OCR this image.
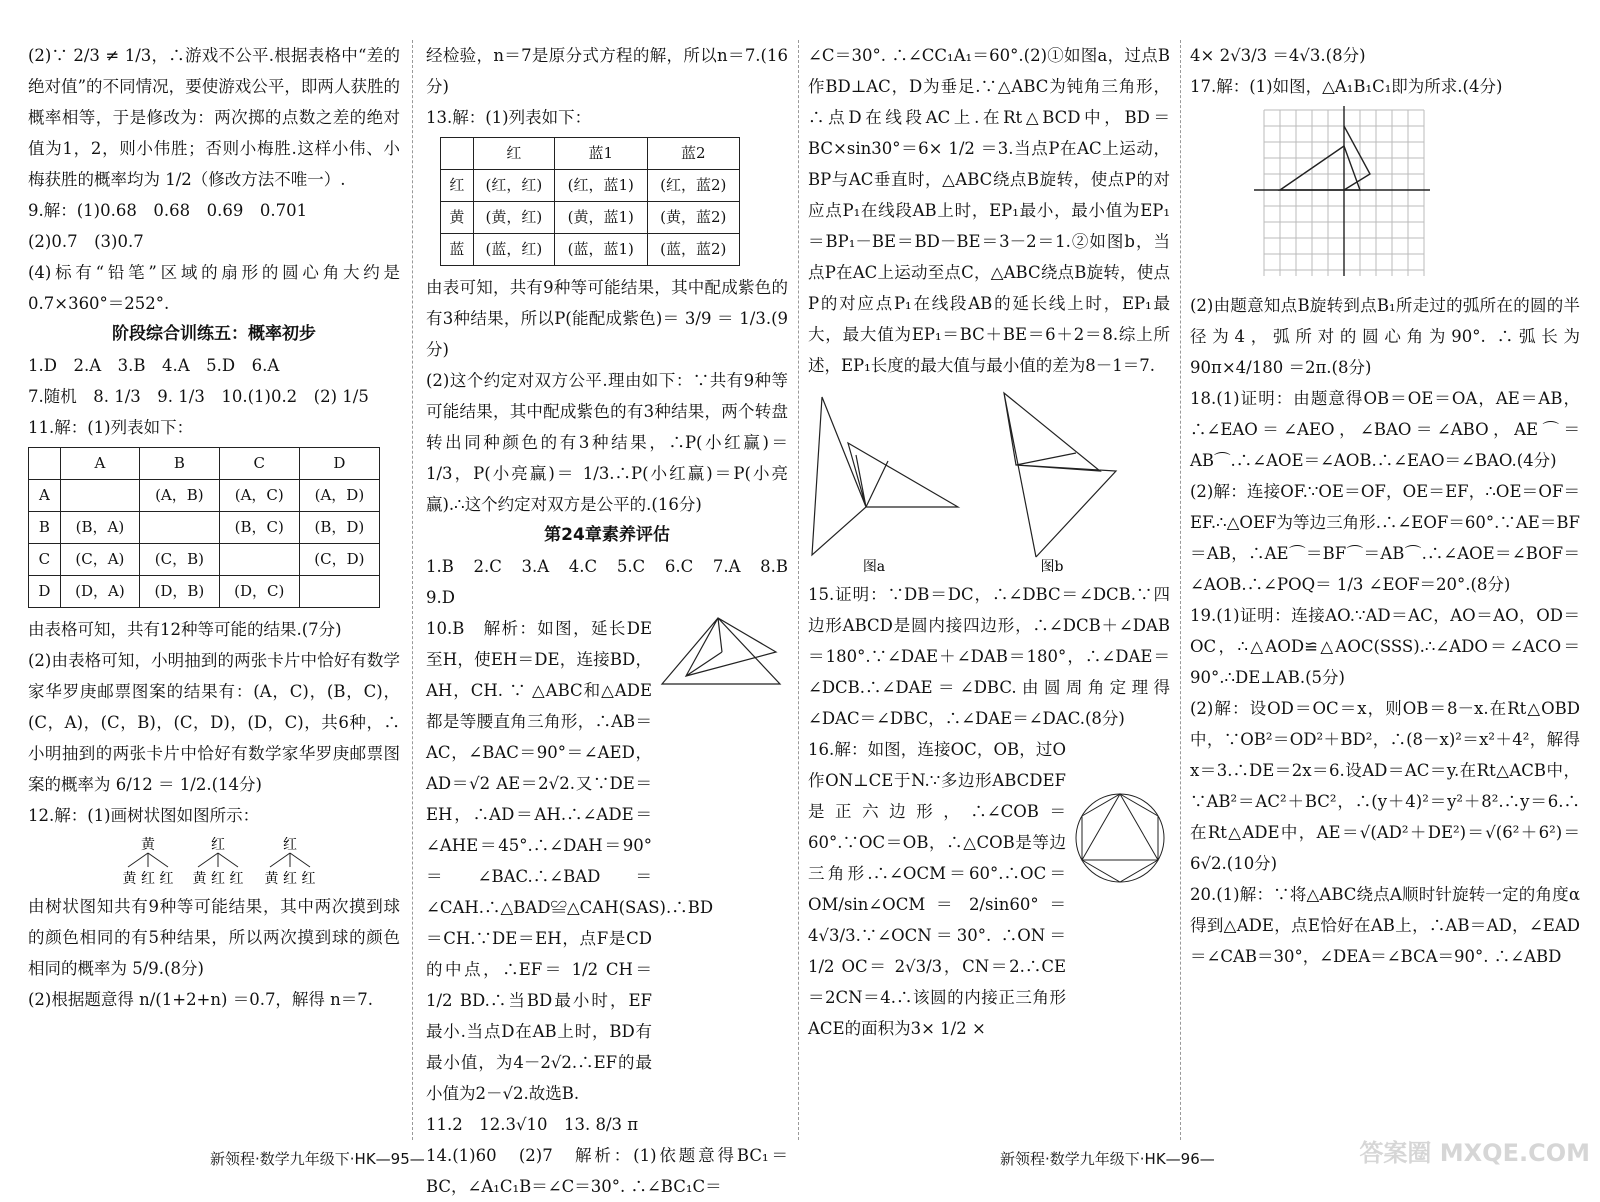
(2)∵ 2/3 ≠ 1/3，∴游戏不公平.根据表格中“差的绝对值”的不同情况，要使游戏公平，即两人获胜的概率相等，于是修改为：两次掷的点数之差的绝对值为1，2，则小伟胜；否则小梅胜.这样小伟、小梅获胜的概率均为 1/2（修改方法不唯一）.

9.解：(1)0.68　0.68　0.69　0.701

(2)0.7　(3)0.7

(4)标有“铅笔”区域的扇形的圆心角大约是0.7×360°＝252°.

阶段综合训练五：概率初步

1.D　2.A　3.B　4.A　5.D　6.A

7.随机　8. 1/3　9. 1/3　10.(1)0.2　(2) 1/5

11.解：(1)列表如下：

	A	B	C	D
A		(A，B)	(A，C)	(A，D)
B	(B，A)		(B，C)	(B，D)
C	(C，A)	(C，B)		(C，D)
D	(D，A)	(D，B)	(D，C)	

由表格可知，共有12种等可能的结果.(7分)

(2)由表格可知，小明抽到的两张卡片中恰好有数学家华罗庚邮票图案的结果有：(A，C)，(B，C)，(C，A)，(C，B)，(C，D)，(D，C)，共6种，∴小明抽到的两张卡片中恰好有数学家华罗庚邮票图案的概率为 6/12 ＝ 1/2.(14分)

12.解：(1)画树状图如图所示：

黄	红	红
黄 红 红 黄 红 红 黄 红 红

由树状图知共有9种等可能结果，其中两次摸到球的颜色相同的有5种结果，所以两次摸到球的颜色相同的概率为 5/9.(8分)

(2)根据题意得 n/(1+2+n) ＝0.7，解得 n＝7.

经检验，n＝7是原分式方程的解，所以n＝7.(16分)

13.解：(1)列表如下：

	红	蓝1	蓝2
红	(红，红)	(红，蓝1)	(红，蓝2)
黄	(黄，红)	(黄，蓝1)	(黄，蓝2)
蓝	(蓝，红)	(蓝，蓝1)	(蓝，蓝2)

由表可知，共有9种等可能结果，其中配成紫色的有3种结果，所以P(能配成紫色)＝ 3/9 ＝ 1/3.(9分)

(2)这个约定对双方公平.理由如下：∵共有9种等可能结果，其中配成紫色的有3种结果，两个转盘转出同种颜色的有3种结果，∴P(小红赢)＝ 1/3，P(小亮赢)＝ 1/3.∴P(小红赢)＝P(小亮赢).∴这个约定对双方是公平的.(16分)

第24章素养评估

1.B　2.C　3.A　4.C　5.C　6.C　7.A　8.B　9.D

10.B　解析：如图，延长DE至H，使EH＝DE，连接BD，AH，CH. ∵ △ABC和△ADE都是等腰直角三角形，∴AB＝AC，∠BAC＝90°＝∠AED，AD＝√2 AE＝2√2.又∵DE＝EH，∴AD＝AH.∴∠ADE＝∠AHE＝45°.∴∠DAH＝90°＝∠BAC.∴∠BAD＝∠CAH.∴△BAD≌△CAH(SAS).∴BD＝CH.∵DE＝EH，点F是CD的中点，∴EF＝ 1/2 CH＝ 1/2 BD.∴当BD最小时，EF最小.当点D在AB上时，BD有最小值，为4－2√2.∴EF的最小值为2－√2.故选B.

11.2　12.3√10　13. 8/3 π

14.(1)60　(2)7　解析：(1)依题意得BC₁＝BC，∠A₁C₁B＝∠C＝30°. ∴∠BC₁C＝

∠C＝30°. ∴∠CC₁A₁＝60°.(2)①如图a，过点B作BD⊥AC，D为垂足.∵△ABC为钝角三角形，∴点D在线段AC上.在Rt△BCD中，BD＝BC×sin30°＝6× 1/2 ＝3.当点P在AC上运动，BP与AC垂直时，△ABC绕点B旋转，使点P的对应点P₁在线段AB上时，EP₁最小，最小值为EP₁＝BP₁－BE＝BD－BE＝3－2＝1.②如图b，当点P在AC上运动至点C，△ABC绕点B旋转，使点P的对应点P₁在线段AB的延长线上时，EP₁最大，最大值为EP₁＝BC＋BE＝6＋2＝8.综上所述，EP₁长度的最大值与最小值的差为8－1＝7.

图a	图b

15.证明：∵DB＝DC，∴∠DBC＝∠DCB.∵四边形ABCD是圆内接四边形，∴∠DCB＋∠DAB＝180°.∵∠DAE＋∠DAB＝180°，∴∠DAE＝∠DCB.∴∠DAE＝∠DBC.由圆周角定理得∠DAC＝∠DBC，∴∠DAE＝∠DAC.(8分)

16.解：如图，连接OC，OB，过O作ON⊥CE于N.∵多边形ABCDEF是正六边形，∴∠COB＝60°.∵OC＝OB，∴△COB是等边三角形.∴∠OCM＝60°.∴OC＝ OM/sin∠OCM ＝ 2/sin60° ＝ 4√3/3.∵∠OCN＝30°. ∴ON＝ 1/2 OC＝ 2√3/3，CN＝2.∴CE＝2CN＝4.∴该圆的内接正三角形ACE的面积为3× 1/2 ×

4× 2√3/3 ＝4√3.(8分)

17.解：(1)如图，△A₁B₁C₁即为所求.(4分)

(2)由题意知点B旋转到点B₁所走过的弧所在的圆的半径为4，弧所对的圆心角为90°. ∴弧长为 90π×4/180 ＝2π.(8分)

18.(1)证明：由题意得OB＝OE＝OA，AE＝AB，∴∠EAO＝∠AEO，∠BAO＝∠ABO，AE⌒＝AB⌒.∴∠AOE＝∠AOB.∴∠EAO＝∠BAO.(4分)

(2)解：连接OF.∵OE＝OF，OE＝EF，∴OE＝OF＝EF.∴△OEF为等边三角形.∴∠EOF＝60°.∵AE＝BF＝AB，∴AE⌒＝BF⌒＝AB⌒.∴∠AOE＝∠BOF＝∠AOB.∴∠POQ＝ 1/3 ∠EOF＝20°.(8分)

19.(1)证明：连接AO.∵AD＝AC，AO＝AO，OD＝OC，∴△AOD≌△AOC(SSS).∴∠ADO＝∠ACO＝90°.∴DE⊥AB.(5分)

(2)解：设OD＝OC＝x，则OB＝8－x.在Rt△OBD中，∵OB²＝OD²＋BD²，∴(8－x)²＝x²＋4²，解得x＝3.∴DE＝2x＝6.设AD＝AC＝y.在Rt△ACB中，∵AB²＝AC²＋BC²，∴(y＋4)²＝y²＋8².∴y＝6.∴在Rt△ADE中，AE＝√(AD²＋DE²)＝√(6²＋6²)＝6√2.(10分)

20.(1)解：∵将△ABC绕点A顺时针旋转一定的角度α得到△ADE，点E恰好在AB上，∴AB＝AD，∠EAD＝∠CAB＝30°，∠DEA＝∠BCA＝90°. ∴∠ABD

新领程·数学九年级下·HK—95—	新领程·数学九年级下·HK—96—	答案圈 MXQE.COM
